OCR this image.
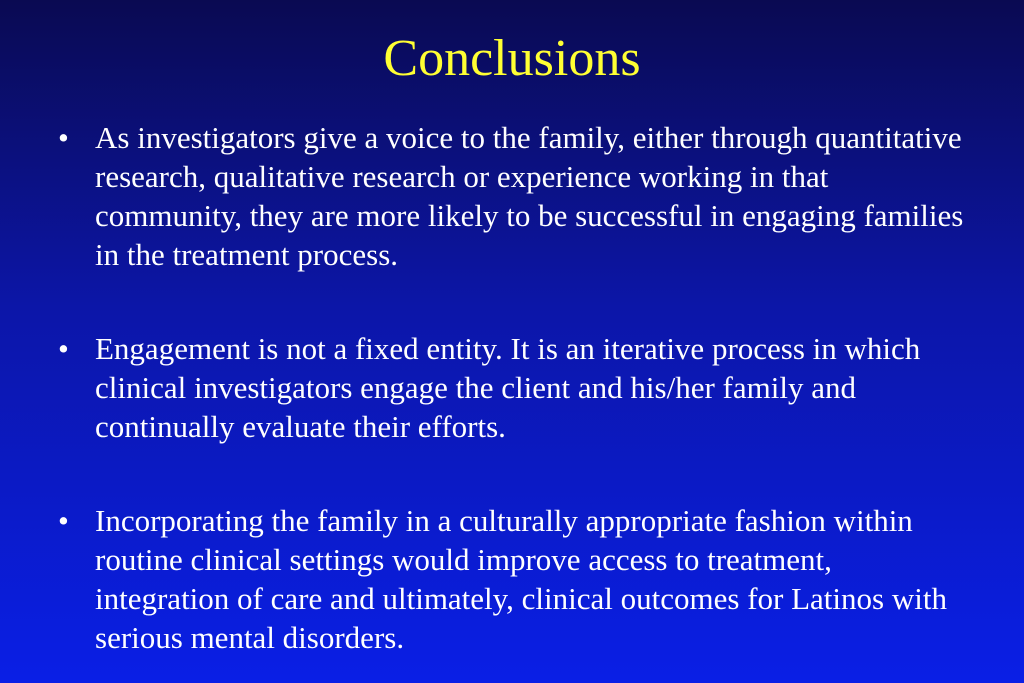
Conclusions
• As investigators give a voice to the family, either through quantitative research, qualitative research or experience working in that community, they are more likely to be successful in engaging families in the treatment process.
• Engagement is not a fixed entity. It is an iterative process in which clinical investigators engage the client and his/her family and continually evaluate their efforts.
• Incorporating the family in a culturally appropriate fashion within routine clinical settings would improve access to treatment, integration of care and ultimately, clinical outcomes for Latinos with serious mental disorders.
